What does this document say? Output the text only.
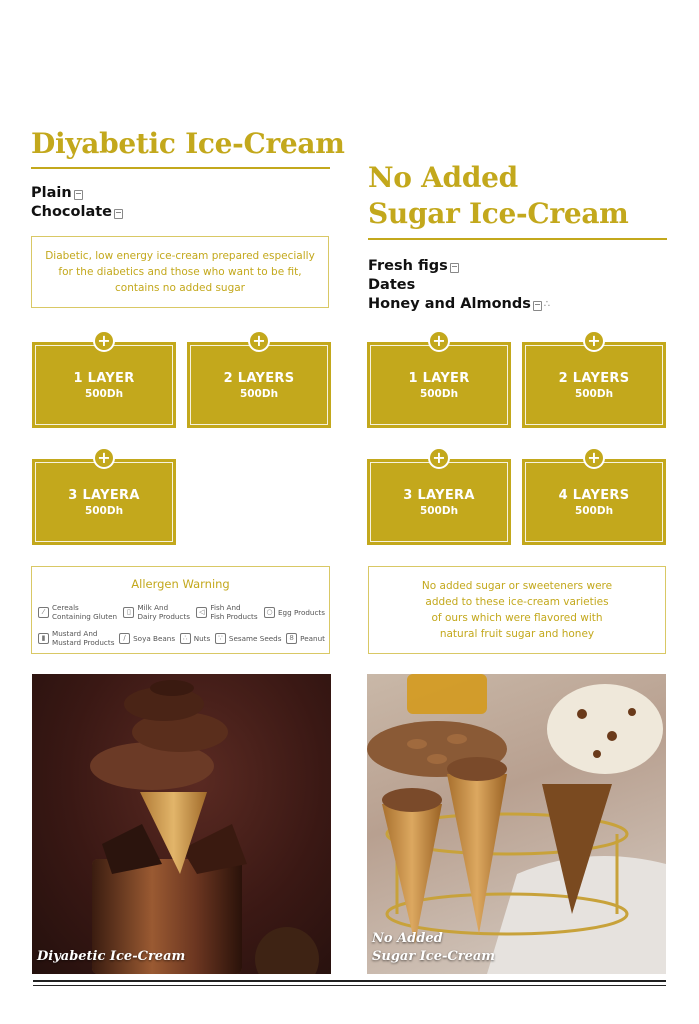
Diyabetic Ice-Cream
Plain
Chocolate
Diabetic, low energy ice-cream prepared especially for the diabetics and those who want to be fit, contains no added sugar
+
1 LAYER
500Dh
+
2 LAYERS
500Dh
+
3 LAYERA
500Dh
Allergen Warning
⁄	Cereals
Containing Gluten
▯ Milk And
Dairy Products
◁ Fish And
Fish Products
○ Egg Products
▮ Mustard And
Mustard Products
∕	Soya Beans	∴ Nuts	∵ Sesame Seeds	8 Peanut
Diyabetic Ice-Cream
No Added
Sugar Ice-Cream
Fresh figs
Dates
Honey and Almonds ∴
+
1 LAYER
500Dh
+
2 LAYERS
500Dh
+
3 LAYERA
500Dh
+
4 LAYERS
500Dh
No added sugar or sweeteners were added to these ice-cream varieties of ours which were flavored with natural fruit sugar and honey
No Added
Sugar Ice-Cream
